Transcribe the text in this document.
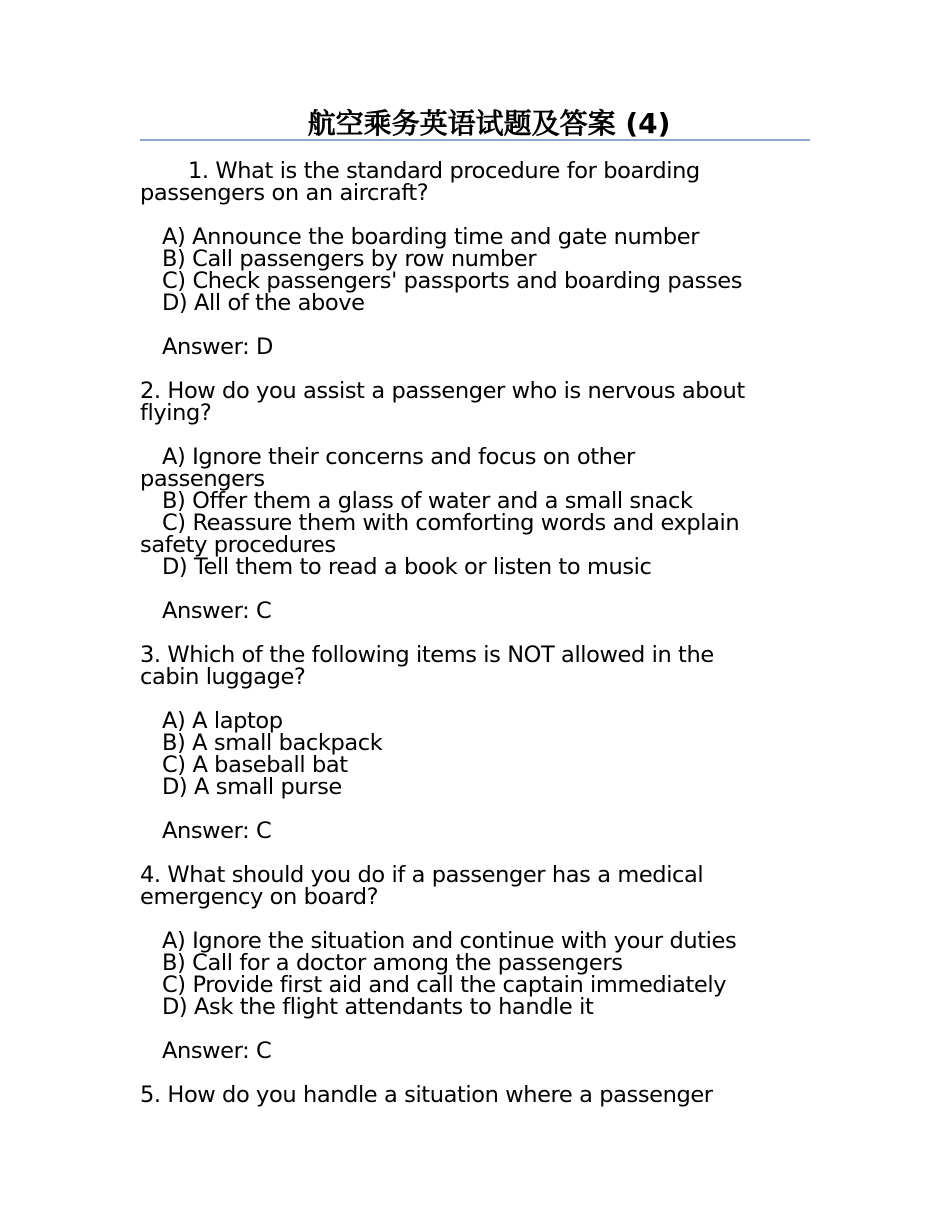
航空乘务英语试题及答案 (4)
1. What is the standard procedure for boarding
passengers on an aircraft?
A) Announce the boarding time and gate number
B) Call passengers by row number
C) Check passengers' passports and boarding passes
D) All of the above
Answer: D
2. How do you assist a passenger who is nervous about
flying?
A) Ignore their concerns and focus on other
passengers
B) Offer them a glass of water and a small snack
C) Reassure them with comforting words and explain
safety procedures
D) Tell them to read a book or listen to music
Answer: C
3. Which of the following items is NOT allowed in the
cabin luggage?
A) A laptop
B) A small backpack
C) A baseball bat
D) A small purse
Answer: C
4. What should you do if a passenger has a medical
emergency on board?
A) Ignore the situation and continue with your duties
B) Call for a doctor among the passengers
C) Provide first aid and call the captain immediately
D) Ask the flight attendants to handle it
Answer: C
5. How do you handle a situation where a passenger
